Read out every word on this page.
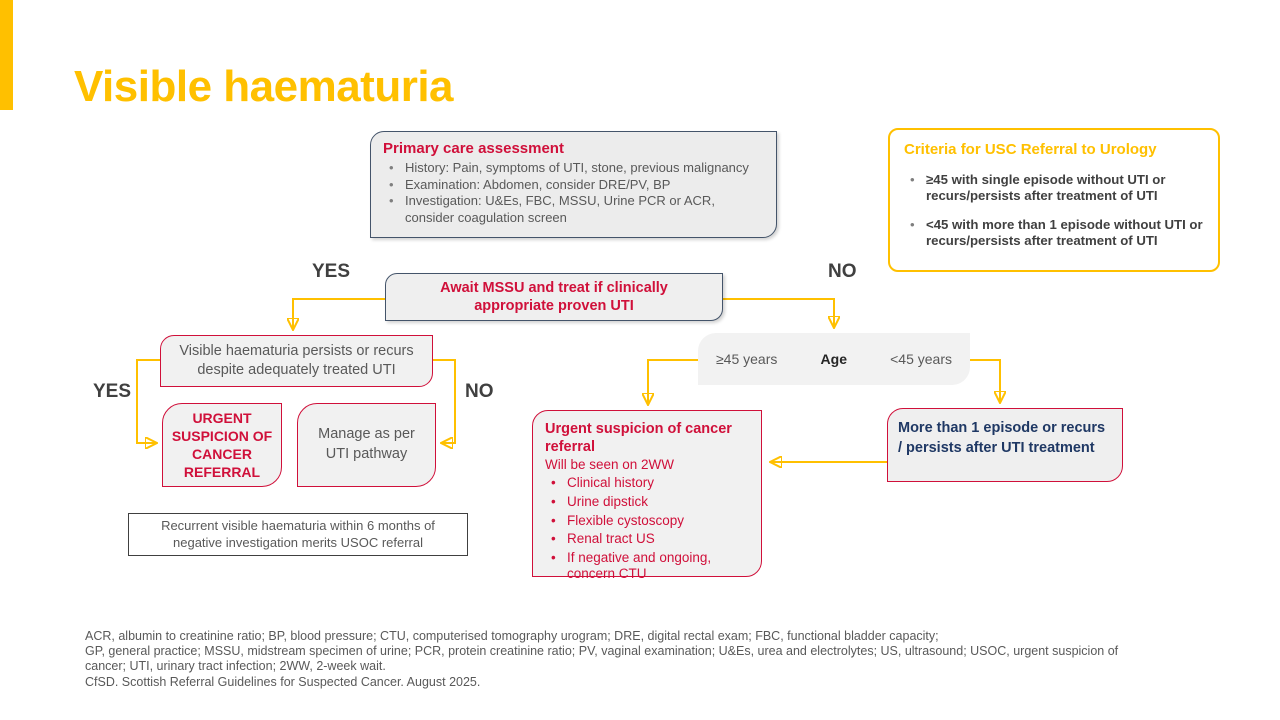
Visible haematuria

Primary care assessment

• History: Pain, symptoms of UTI, stone, previous malignancy
• Examination: Abdomen, consider DRE/PV, BP
• Investigation: U&Es, FBC, MSSU, Urine PCR or ACR, consider coagulation screen

Criteria for USC Referral to Urology

• ≥45 with single episode without UTI or recurs/persists after treatment of UTI
• <45 with more than 1 episode without UTI or recurs/persists after treatment of UTI
YES	NO
YES	NO
Await MSSU and treat if clinically appropriate proven UTI
Visible haematuria persists or recurs despite adequately treated UTI
URGENT SUSPICION OF CANCER REFERRAL
Manage as per UTI pathway
Recurrent visible haematuria within 6 months of negative investigation merits USOC referral
≥45 years	Age	<45 years

Urgent suspicion of cancer referral

Will be seen on 2WW

• Clinical history
• Urine dipstick
• Flexible cystoscopy
• Renal tract US
• If negative and ongoing, concern CTU
More than 1 episode or recurs / persists after UTI treatment
ACR, albumin to creatinine ratio; BP, blood pressure; CTU, computerised tomography urogram; DRE, digital rectal exam; FBC, functional bladder capacity;
GP, general practice; MSSU, midstream specimen of urine; PCR, protein creatinine ratio; PV, vaginal examination; U&Es, urea and electrolytes; US, ultrasound; USOC, urgent suspicion of
cancer; UTI, urinary tract infection; 2WW, 2-week wait.
CfSD. Scottish Referral Guidelines for Suspected Cancer. August 2025.
